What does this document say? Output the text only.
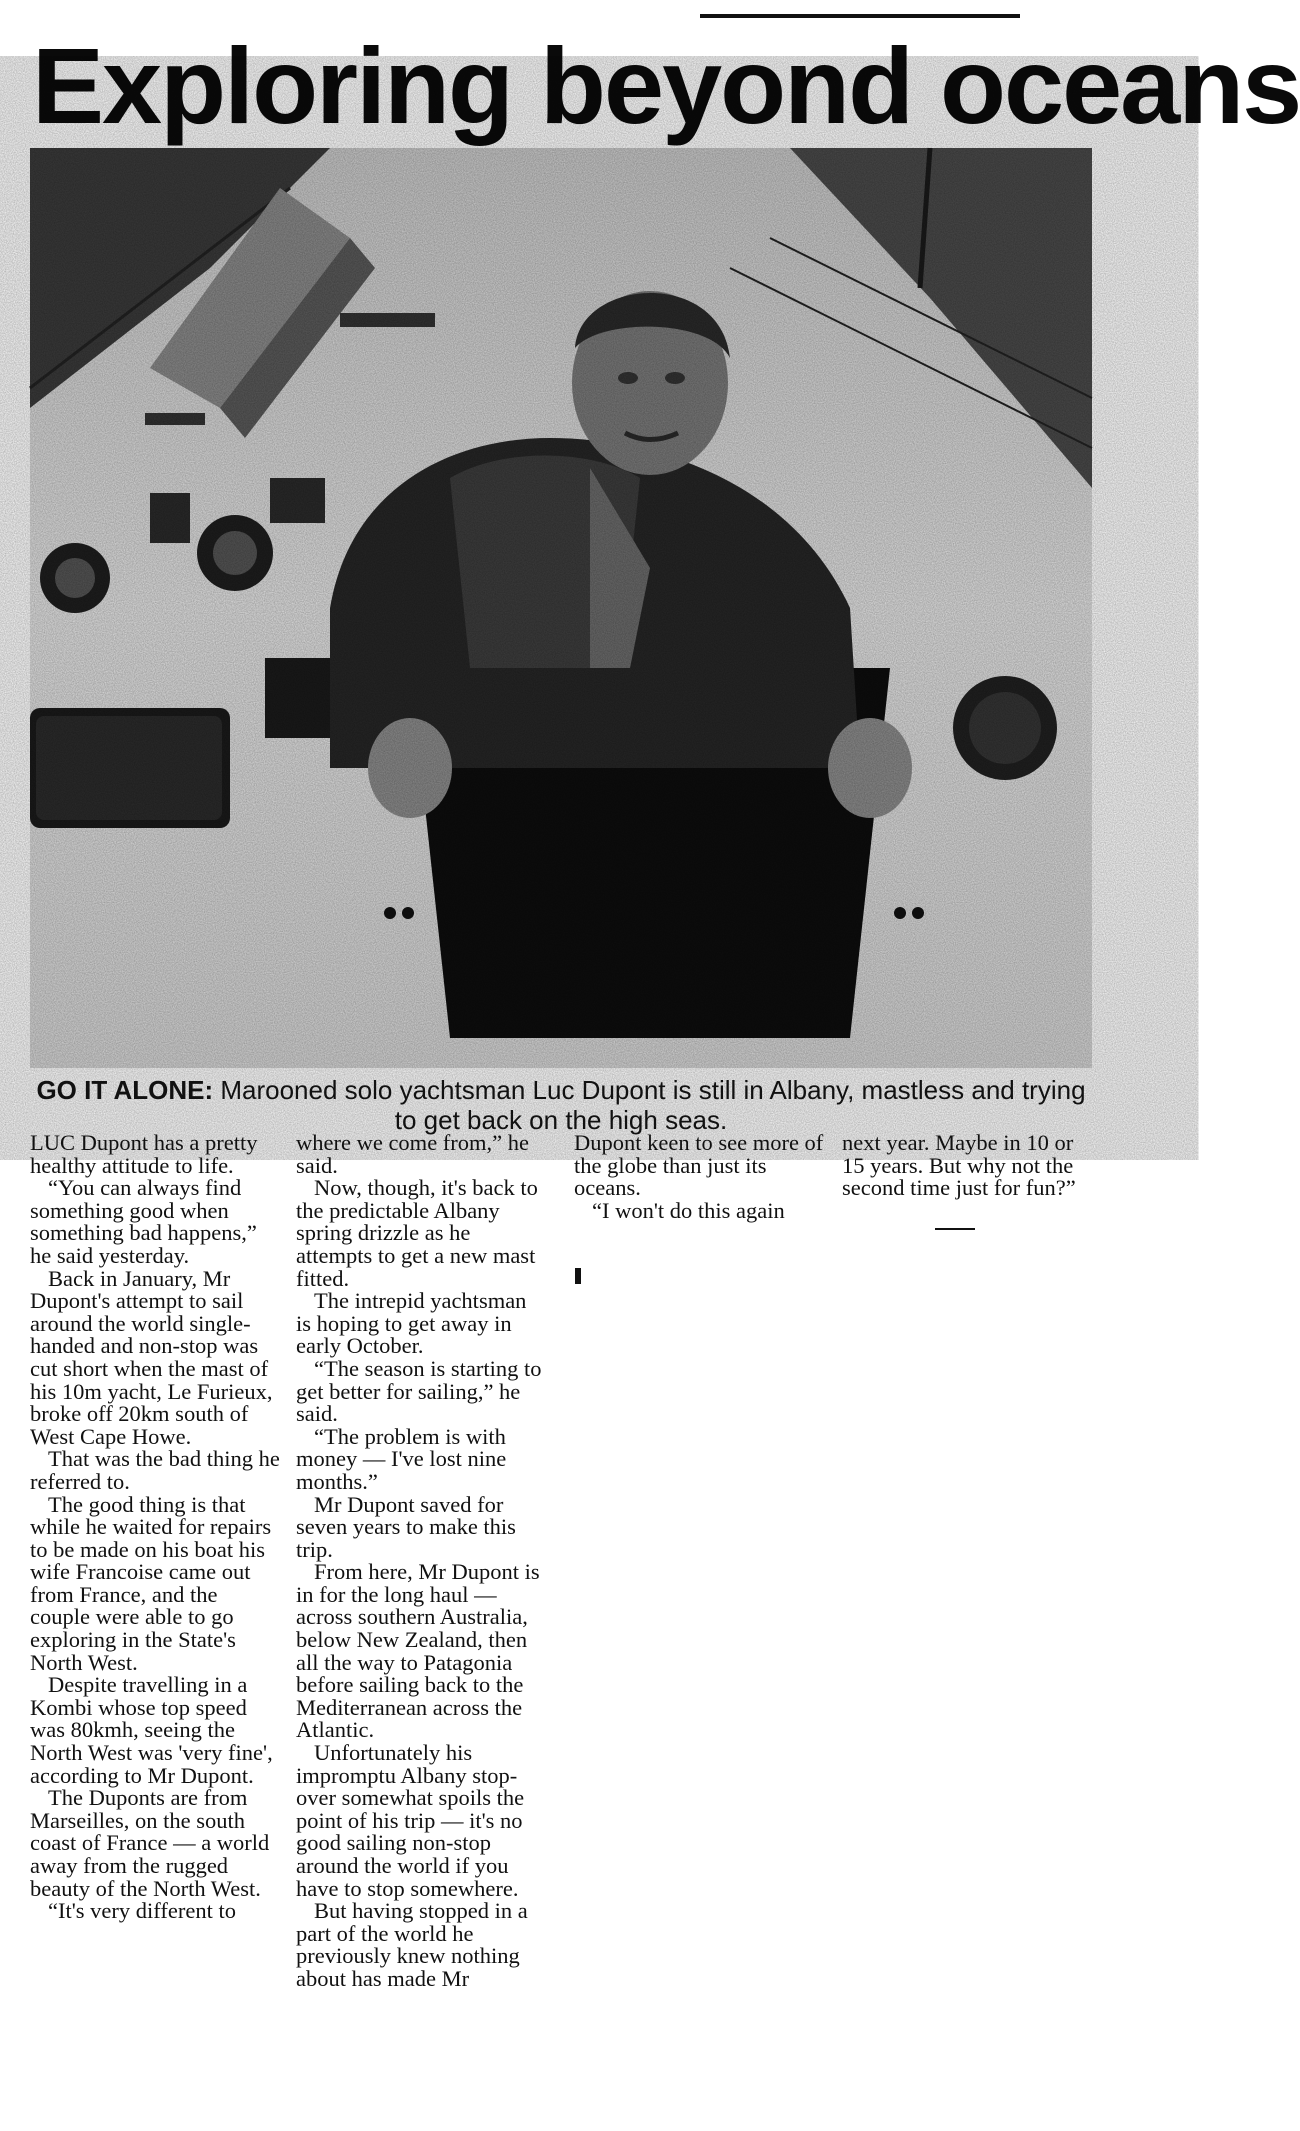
Exploring beyond oceans
GO IT ALONE: Marooned solo yachtsman Luc Dupont is still in Albany, mastless and trying to get back on the high seas.

LUC Dupont has a pretty healthy attitude to life.

“You can always find something good when something bad happens,” he said yesterday.

Back in January, Mr Dupont's attempt to sail around the world single-handed and non-stop was cut short when the mast of his 10m yacht, Le Furieux, broke off 20km south of West Cape Howe.

That was the bad thing he referred to.

The good thing is that while he waited for repairs to be made on his boat his wife Francoise came out from France, and the couple were able to go exploring in the State's North West.

Despite travelling in a Kombi whose top speed was 80kmh, seeing the North West was 'very fine', according to Mr Dupont.

The Duponts are from Marseilles, on the south coast of France — a world away from the rugged beauty of the North West.

“It's very different to

where we come from,” he said.

Now, though, it's back to the predictable Albany spring drizzle as he attempts to get a new mast fitted.

The intrepid yachtsman is hoping to get away in early October.

“The season is starting to get better for sailing,” he said.

“The problem is with money — I've lost nine months.”

Mr Dupont saved for seven years to make this trip.

From here, Mr Dupont is in for the long haul — across southern Australia, below New Zealand, then all the way to Patagonia before sailing back to the Mediterranean across the Atlantic.

Unfortunately his impromptu Albany stop-over somewhat spoils the point of his trip — it's no good sailing non-stop around the world if you have to stop somewhere.

But having stopped in a part of the world he previously knew nothing about has made Mr

Dupont keen to see more of the globe than just its oceans.

“I won't do this again

next year. Maybe in 10 or 15 years. But why not the second time just for fun?”
